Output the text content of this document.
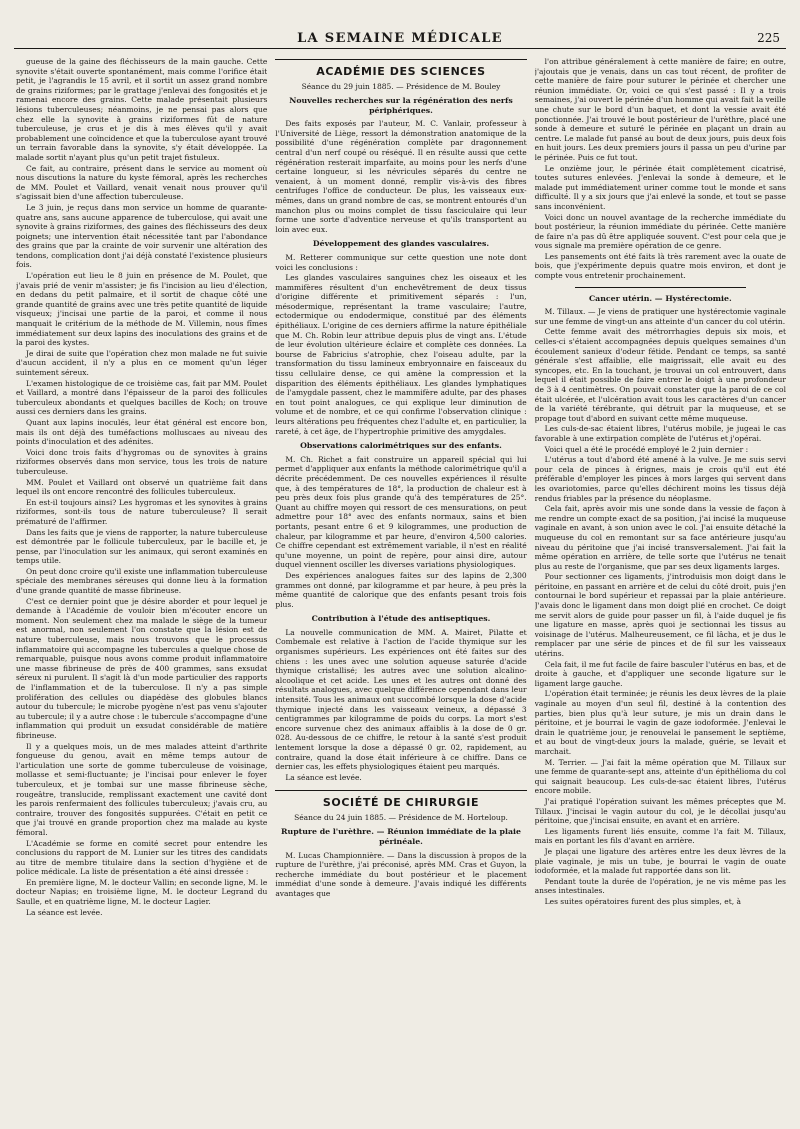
LA SEMAINE MÉDICALE	225

gueuse de la gaine des fléchisseurs de la main gauche. Cette synovite s'était ouverte spontanément, mais comme l'orifice était petit, je l'agrandis le 15 avril, et il sortit un assez grand nombre de grains riziformes; par le grattage j'enlevai des fongosités et je ramenai encore des grains. Cette malade présentait plusieurs lésions tuberculeuses; néanmoins, je ne pensai pas alors que chez elle la synovite à grains riziformes fût de nature tuberculeuse, je crus et je dis à mes élèves qu'il y avait probablement une coïncidence et que la tuberculose ayant trouvé un terrain favorable dans la synovite, s'y était développée. La malade sortit n'ayant plus qu'un petit trajet fistuleux.

Ce fait, au contraire, présent dans le service au moment où nous discutions la nature du kyste fémoral, après les recherches de MM. Poulet et Vaillard, venait venait nous prouver qu'il s'agissait bien d'une affection tuberculeuse.

Le 3 juin, je reçus dans mon service un homme de quarante-quatre ans, sans aucune apparence de tuberculose, qui avait une synovite à grains riziformes, des gaines des fléchisseurs des deux poignets; une intervention était nécessitée tant par l'abondance des grains que par la crainte de voir survenir une altération des tendons, complication dont j'ai déjà constaté l'existence plusieurs fois.

L'opération eut lieu le 8 juin en présence de M. Poulet, que j'avais prié de venir m'assister; je fis l'incision au lieu d'élection, en dedans du petit palmaire, et il sortit de chaque côté une grande quantité de grains avec une très petite quantité de liquide visqueux; j'incisai une partie de la paroi, et comme il nous manquait le critérium de la méthode de M. Villemin, nous fîmes immédiatement sur deux lapins des inoculations des grains et de la paroi des kystes.

Je dirai de suite que l'opération chez mon malade ne fut suivie d'aucun accident, il n'y a plus en ce moment qu'un léger suintement séreux.

L'examen histologique de ce troisième cas, fait par MM. Poulet et Vaillard, a montré dans l'épaisseur de la paroi des follicules tuberculeux abondants et quelques bacilles de Koch; on trouve aussi ces derniers dans les grains.

Quant aux lapins inoculés, leur état général est encore bon, mais ils ont déjà des tuméfactions molluscaes au niveau des points d'inoculation et des adénites.

Voici donc trois faits d'hygromas ou de synovites à grains riziformes observés dans mon service, tous les trois de nature tuberculeuse.

MM. Poulet et Vaillard ont observé un quatrième fait dans lequel ils ont encore rencontré des follicules tuberculeux.

En est-il toujours ainsi? Les hygromas et les synovites à grains riziformes, sont-ils tous de nature tuberculeuse? Il serait prématuré de l'affirmer.

Dans les faits que je viens de rapporter, la nature tuberculeuse est démontrée par le follicule tuberculeux, par le bacille et, je pense, par l'inoculation sur les animaux, qui seront examinés en temps utile.

On peut donc croire qu'il existe une inflammation tuberculeuse spéciale des membranes séreuses qui donne lieu à la formation d'une grande quantité de masse fibrineuse.

C'est ce dernier point que je désire aborder et pour lequel je demande à l'Académie de vouloir bien m'écouter encore un moment. Non seulement chez ma malade le siège de la tumeur est anormal, non seulement l'on constate que la lésion est de nature tuberculeuse, mais nous trouvons que le processus inflammatoire qui accompagne les tubercules a quelque chose de remarquable, puisque nous avons comme produit inflammatoire une masse fibrineuse de près de 400 grammes, sans exsudat séreux ni purulent. Il s'agit là d'un mode particulier des rapports de l'inflammation et de la tuberculose. Il n'y a pas simple prolifération des cellules ou diapédèse des globules blancs autour du tubercule; le microbe pyogène n'est pas venu s'ajouter au tubercule; il y a autre chose : le tubercule s'accompagne d'une inflammation qui produit un exsudat considérable de matière fibrineuse.

Il y a quelques mois, un de mes malades atteint d'arthrite fongueuse du genou, avait en même temps autour de l'articulation une sorte de gomme tuberculeuse de voisinage, mollasse et semi-fluctuante; je l'incisai pour enlever le foyer tuberculeux, et je tombai sur une masse fibrineuse sèche, rougeâtre, translucide, remplissant exactement une cavité dont les parois renfermaient des follicules tuberculeux; j'avais cru, au contraire, trouver des fongosités suppurées. C'était en petit ce que j'ai trouvé en grande proportion chez ma malade au kyste fémoral.

L'Académie se forme en comité secret pour entendre les conclusions du rapport de M. Lunier sur les titres des candidats au titre de membre titulaire dans la section d'hygiène et de police médicale. La liste de présentation a été ainsi dressée :

En première ligne, M. le docteur Vallin; en seconde ligne, M. le docteur Napias; en troisième ligne, M. le docteur Legrand du Saulle, et en quatrième ligne, M. le docteur Lagier.

La séance est levée.

ACADÉMIE DES SCIENCES
Séance du 29 juin 1885. — Présidence de M. Bouley
Nouvelles recherches sur la régénération des nerfs périphériques.

Des faits exposés par l'auteur, M. C. Vanlair, professeur à l'Université de Liège, ressort la démonstration anatomique de la possibilité d'une régénération complète par dragonnement central d'un nerf coupé ou réséqué. Il en résulte aussi que cette régénération resterait imparfaite, au moins pour les nerfs d'une certaine longueur, si les névricules séparés du centre ne venaient, à un moment donné, remplir vis-à-vis des fibres centrifuges l'office de conducteur. De plus, les vaisseaux eux-mêmes, dans un grand nombre de cas, se montrent entourés d'un manchon plus ou moins complet de tissu fasciculaire qui leur forme une sorte d'adventice nerveuse et qu'ils transportent au loin avec eux.

Développement des glandes vasculaires.

M. Retterer communique sur cette question une note dont voici les conclusions :

Les glandes vasculaires sanguines chez les oiseaux et les mammifères résultent d'un enchevêtrement de deux tissus d'origine différente et primitivement séparés : l'un, mésodermique, représentant la trame vasculaire; l'autre, ectodermique ou endodermique, constitué par des éléments épithéliaux. L'origine de ces derniers affirme la nature épithéliale que M. Ch. Robin leur attribue depuis plus de vingt ans. L'étude de leur évolution ultérieure éclaire et complète ces données. La bourse de Fabricius s'atrophie, chez l'oiseau adulte, par la transformation du tissu lamineux embryonnaire en faisceaux du tissu cellulaire dense, ce qui amène la compression et la disparition des éléments épithéliaux. Les glandes lymphatiques de l'amygdale passent, chez le mammifère adulte, par des phases en tout point analogues, ce qui explique leur diminution de volume et de nombre, et ce qui confirme l'observation clinique : leurs altérations peu fréquentes chez l'adulte et, en particulier, la rareté, à cet âge, de l'hypertrophie primitive des amygdales.

Observations calorimétriques sur des enfants.

M. Ch. Richet a fait construire un appareil spécial qui lui permet d'appliquer aux enfants la méthode calorimétrique qu'il a décrite précédemment. De ces nouvelles expériences il résulte que, à des températures de 18°, la production de chaleur est à peu près deux fois plus grande qu'à des températures de 25°. Quant au chiffre moyen qui ressort de ces mensurations, on peut admettre pour 18° avec des enfants normaux, sains et bien portants, pesant entre 6 et 9 kilogrammes, une production de chaleur, par kilogramme et par heure, d'environ 4,500 calories. Ce chiffre cependant est extrêmement variable, il n'est en réalité qu'une moyenne, un point de repère, pour ainsi dire, autour duquel viennent osciller les diverses variations physiologiques.

Des expériences analogues faites sur des lapins de 2,300 grammes ont donné, par kilogramme et par heure, à peu près la même quantité de calorique que des enfants pesant trois fois plus.

Contribution à l'étude des antiseptiques.

La nouvelle communication de MM. A. Mairet, Pilatte et Combemale est relative à l'action de l'acide thymique sur les organismes supérieurs. Les expériences ont été faites sur des chiens : les unes avec une solution aqueuse saturée d'acide thymique cristallisé; les autres avec une solution alcalino-alcoolique et cet acide. Les unes et les autres ont donné des résultats analogues, avec quelque différence cependant dans leur intensité. Tous les animaux ont succombé lorsque la dose d'acide thymique injecté dans les vaisseaux veineux, a dépassé 3 centigrammes par kilogramme de poids du corps. La mort s'est encore survenue chez des animaux affaiblis à la dose de 0 gr. 028. Au-dessous de ce chiffre, le retour à la santé s'est produit lentement lorsque la dose a dépassé 0 gr. 02, rapidement, au contraire, quand la dose était inférieure à ce chiffre. Dans ce dernier cas, les effets physiologiques étaient peu marqués.

La séance est levée.

SOCIÉTÉ DE CHIRURGIE
Séance du 24 juin 1885. — Présidence de M. Horteloup.
Rupture de l'urèthre. — Réunion immédiate de la plaie périnéale.

M. Lucas Championnière. — Dans la discussion à propos de la rupture de l'urèthre, j'ai préconisé, après MM. Cras et Guyon, la recherche immédiate du bout postérieur et le placement immédiat d'une sonde à demeure. J'avais indiqué les différents avantages que

l'on attribue généralement à cette manière de faire; en outre, j'ajoutais que je venais, dans un cas tout récent, de profiter de cette manière de faire pour suturer le périnée et chercher une réunion immédiate. Or, voici ce qui s'est passé : Il y a trois semaines, j'ai ouvert le périnée d'un homme qui avait fait la veille une chute sur le bord d'un baquet, et dont la vessie avait été ponctionnée. J'ai trouvé le bout postérieur de l'urèthre, placé une sonde à demeure et suturé le périnée en plaçant un drain au centre. Le malade fut pansé au bout de deux jours, puis deux fois en huit jours. Les deux premiers jours il passa un peu d'urine par le périnée. Puis ce fut tout.

Le onzième jour, le périnée était complètement cicatrisé, toutes sutures enlevées. J'enlevai la sonde à demeure, et le malade put immédiatement uriner comme tout le monde et sans difficulté. Il y a six jours que j'ai enlevé la sonde, et tout se passe sans inconvénient.

Voici donc un nouvel avantage de la recherche immédiate du bout postérieur, la réunion immédiate du périnée. Cette manière de faire n'a pas dû être appliquée souvent. C'est pour cela que je vous signale ma première opération de ce genre.

Les pansements ont été faits là très rarement avec la ouate de bois, que j'expérimente depuis quatre mois environ, et dont je compte vous entretenir prochainement.

Cancer utérin. — Hystérectomie.

M. Tillaux. — Je viens de pratiquer une hystérectomie vaginale sur une femme de vingt-un ans atteinte d'un cancer du col utérin.

Cette femme avait des métrorrhagies depuis six mois, et celles-ci s'étaient accompagnées depuis quelques semaines d'un écoulement sanieux d'odeur fétide. Pendant ce temps, sa santé générale s'est affaiblie, elle maigrissait, elle avait eu des syncopes, etc. En la touchant, je trouvai un col entrouvert, dans lequel il était possible de faire entrer le doigt à une profondeur de 3 à 4 centimètres. On pouvait constater que la paroi de ce col était ulcérée, et l'ulcération avait tous les caractères d'un cancer de la variété térébrante, qui détruit par la muqueuse, et se propage tout d'abord en suivant cette même muqueuse.

Les culs-de-sac étaient libres, l'utérus mobile, je jugeai le cas favorable à une extirpation complète de l'utérus et j'opérai.

Voici quel a été le procédé employé le 2 juin dernier :

L'utérus a tout d'abord été amené à la vulve. Je me suis servi pour cela de pinces à érignes, mais je crois qu'il eut été préférable d'employer les pinces à mors larges qui servent dans les ovariotomies, parce qu'elles déchirent moins les tissus déjà rendus friables par la présence du néoplasme.

Cela fait, après avoir mis une sonde dans la vessie de façon à me rendre un compte exact de sa position, j'ai incisé la muqueuse vaginale en avant, à son union avec le col. J'ai ensuite détaché la muqueuse du col en remontant sur sa face antérieure jusqu'au niveau du péritoine que j'ai incisé transversalement. J'ai fait la même opération en arrière, de telle sorte que l'utérus ne tenait plus au reste de l'organisme, que par ses deux ligaments larges.

Pour sectionner ces ligaments, j'introduisis mon doigt dans le péritoine, en passant en arrière et de celui du côté droit, puis j'en contournai le bord supérieur et repassai par la plaie antérieure. J'avais donc le ligament dans mon doigt plié en crochet. Ce doigt me servit alors de guide pour passer un fil, à l'aide duquel je fis une ligature en masse, après quoi je sectionnai les tissus au voisinage de l'utérus. Malheureusement, ce fil lâcha, et je dus le remplacer par une série de pinces et de fil sur les vaisseaux utérins.

Cela fait, il me fut facile de faire basculer l'utérus en bas, et de droite à gauche, et d'appliquer une seconde ligature sur le ligament large gauche.

L'opération était terminée; je réunis les deux lèvres de la plaie vaginale au moyen d'un seul fil, destiné à la contention des parties, bien plus qu'à leur suture, je mis un drain dans le péritoine, et je bourrai le vagin de gaze iodoformée. J'enlevai le drain le quatrième jour, je renouvelai le pansement le septième, et au bout de vingt-deux jours la malade, guérie, se levait et marchait.

M. Terrier. — J'ai fait la même opération que M. Tillaux sur une femme de quarante-sept ans, atteinte d'un épithélioma du col qui saignait beaucoup. Les culs-de-sac étaient libres, l'utérus encore mobile.

J'ai pratiqué l'opération suivant les mêmes préceptes que M. Tillaux. J'incisai le vagin autour du col, je le décollai jusqu'au péritoine, que j'incisai ensuite, en avant et en arrière.

Les ligaments furent liés ensuite, comme l'a fait M. Tillaux, mais en portant les fils d'avant en arrière.

Je plaçai une ligature des artères entre les deux lèvres de la plaie vaginale, je mis un tube, je bourrai le vagin de ouate iodoformée, et la malade fut rapportée dans son lit.

Pendant toute la durée de l'opération, je ne vis même pas les anses intestinales.

Les suites opératoires furent des plus simples, et, à
